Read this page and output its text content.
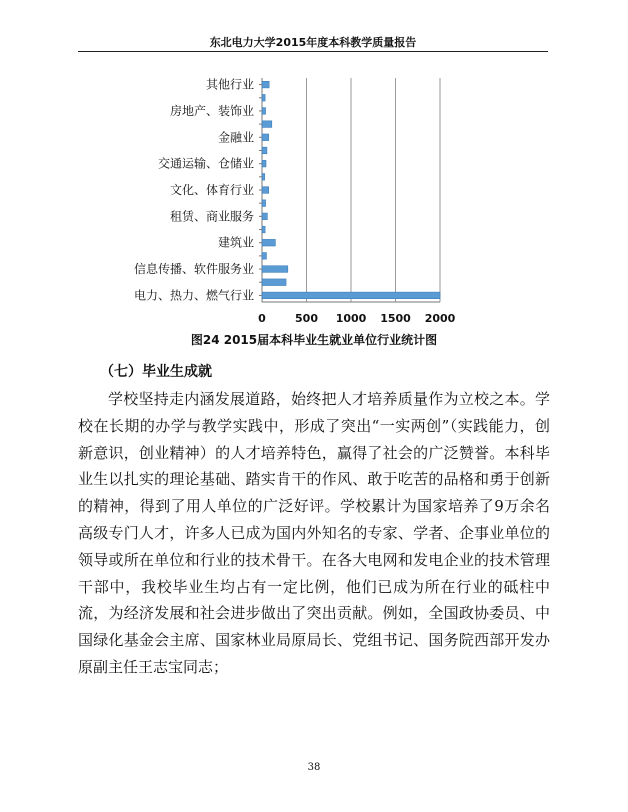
东北电力大学2015年度本科教学质量报告
0	500 1000 1500 2000
其他行业
房地产、装饰业
金融业
交通运输、仓储业
文化、体育行业
租赁、商业服务
建筑业
信息传播、软件服务业
电力、热力、燃气行业
图24 2015届本科毕业生就业单位行业统计图
（七）毕业生成就

学校坚持走内涵发展道路，始终把人才培养质量作为立校之本。学校在长期的办学与教学实践中，形成了突出“一实两创”（实践能力，创新意识，创业精神）的人才培养特色，赢得了社会的广泛赞誉。本科毕业生以扎实的理论基础、踏实肯干的作风、敢于吃苦的品格和勇于创新的精神，得到了用人单位的广泛好评。学校累计为国家培养了9万余名高级专门人才，许多人已成为国内外知名的专家、学者、企事业单位的领导或所在单位和行业的技术骨干。在各大电网和发电企业的技术管理干部中，我校毕业生均占有一定比例，他们已成为所在行业的砥柱中流，为经济发展和社会进步做出了突出贡献。例如，全国政协委员、中国绿化基金会主席、国家林业局原局长、党组书记、国务院西部开发办原副主任王志宝同志；

38
